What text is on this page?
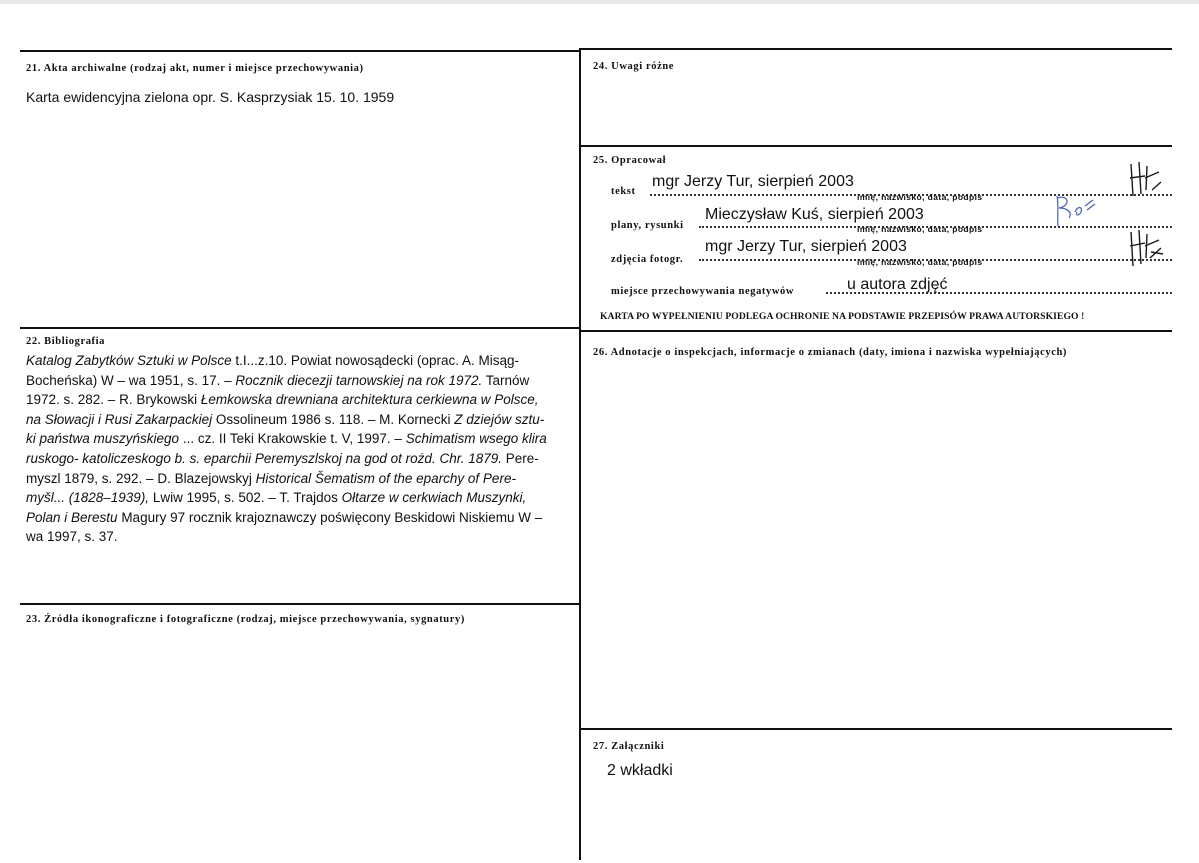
21. Akta archiwalne (rodzaj akt, numer i miejsce przechowywania)
Karta ewidencyjna zielona opr. S. Kasprzysiak 15. 10. 1959
22. Bibliografia
Katalog Zabytków Sztuki w Polsce t.I...z.10. Powiat nowosądecki (oprac. A. Misąg-
Bocheńska) W – wa 1951, s. 17. – Rocznik diecezji tarnowskiej na rok 1972. Tarnów
1972. s. 282. – R. Brykowski Łemkowska drewniana architektura cerkiewna w Polsce,
na Słowacji i Rusi Zakarpackiej Ossolineum 1986 s. 118. – M. Kornecki Z dziejów sztu-
ki państwa muszyńskiego ... cz. II Teki Krakowskie t. V, 1997. – Schimatism wsego klira
ruskogo- katoliczeskogo b. s. eparchii Peremyszlskoj na god ot rożd. Chr. 1879. Pere-
myszl 1879, s. 292. – D. Blazejowskyj Historical Šematism of the eparchy of Pere-
myšl... (1828–1939), Lwiw 1995, s. 502. – T. Trajdos Ołtarze w cerkwiach Muszynki,
Polan i Berestu Magury 97 rocznik krajoznawczy poświęcony Beskidowi Niskiemu W –
wa 1997, s. 37.
23. Źródła ikonograficzne i fotograficzne (rodzaj, miejsce przechowywania, sygnatury)
24. Uwagi różne
25. Opracował
tekst
mgr Jerzy Tur, sierpień 2003
imię, nazwisko, data, podpis
plany, rysunki
Mieczysław Kuś, sierpień 2003
imię, nazwisko, data, podpis
zdjęcia fotogr.
mgr Jerzy Tur, sierpień 2003
imię, nazwisko, data, podpis
miejsce przechowywania negatywów	u autora zdjęć
KARTA PO WYPEŁNIENIU PODLEGA OCHRONIE NA PODSTAWIE PRZEPISÓW PRAWA AUTORSKIEGO !
26. Adnotacje o inspekcjach, informacje o zmianach (daty, imiona i nazwiska wypełniających)
27. Załączniki
2 wkładki
